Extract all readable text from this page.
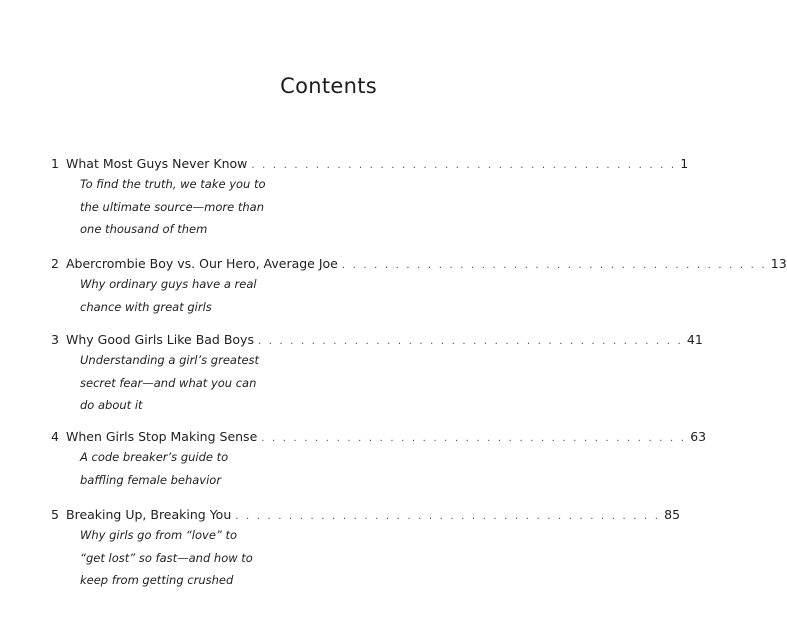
Contents
1 What Most Guys Never Know . . . . . . . . . . . . . . . . . . . . . . . . . . . . . . . . . . . . . . . . 1
To find the truth, we take you to
the ultimate source—more than
one thousand of them
2 Abercrombie Boy vs. Our Hero, Average Joe . . . . . . . . . . . . . . . . . . . . . . . . . . . . . . . . . . . . . . . . 13
Why ordinary guys have a real
chance with great girls
3 Why Good Girls Like Bad Boys . . . . . . . . . . . . . . . . . . . . . . . . . . . . . . . . . . . . . . . . 41
Understanding a girl’s greatest
secret fear—and what you can
do about it
4 When Girls Stop Making Sense . . . . . . . . . . . . . . . . . . . . . . . . . . . . . . . . . . . . . . . . 63
A code breaker’s guide to
baffling female behavior
5 Breaking Up, Breaking You . . . . . . . . . . . . . . . . . . . . . . . . . . . . . . . . . . . . . . . . 85
Why girls go from “love” to
“get lost” so fast—and how to
keep from getting crushed
